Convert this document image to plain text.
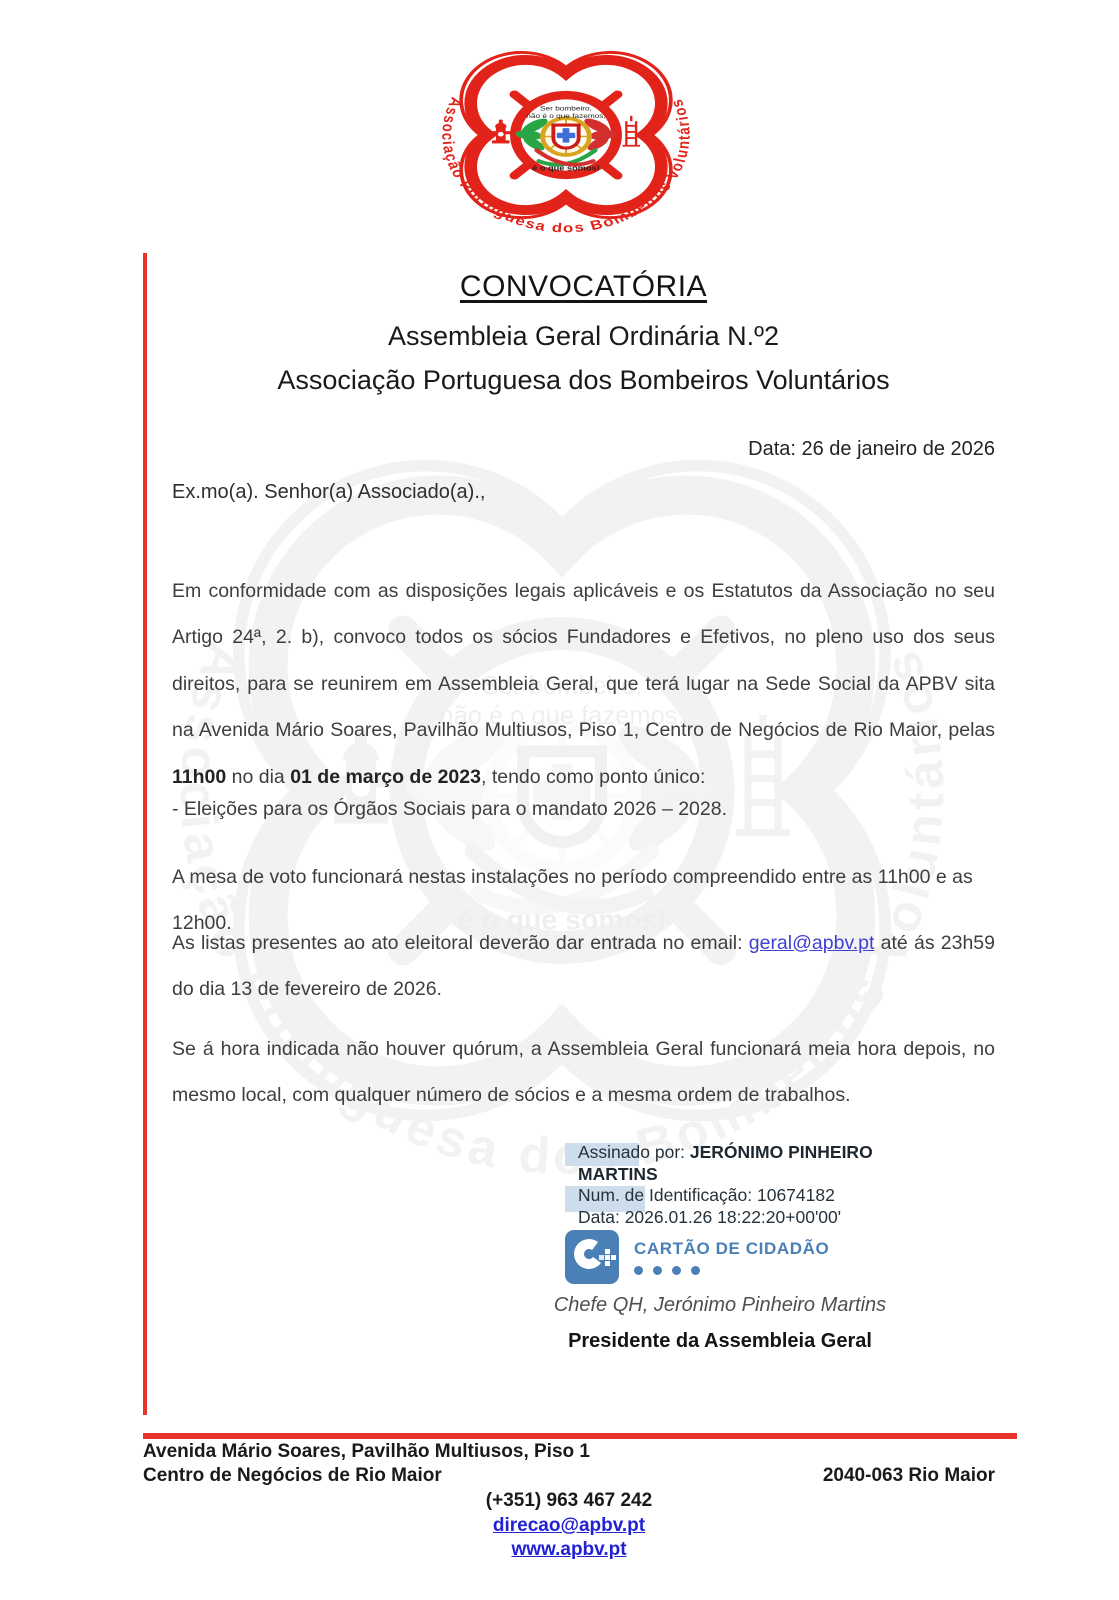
CONVOCATÓRIA
Assembleia Geral Ordinária N.º2
Associação Portuguesa dos Bombeiros Voluntários
Data: 26 de janeiro de 2026
Ex.mo(a). Senhor(a) Associado(a).,

Em conformidade com as disposições legais aplicáveis e os Estatutos da Associação no seu Artigo 24ª, 2. b), convoco todos os sócios Fundadores e Efetivos, no pleno uso dos seus direitos, para se reunirem em Assembleia Geral, que terá lugar na Sede Social da APBV sita na Avenida Mário Soares, Pavilhão Multiusos, Piso 1, Centro de Negócios de Rio Maior, pelas 11h00 no dia 01 de março de 2023, tendo como ponto único:

- Eleições para os Órgãos Sociais para o mandato 2026 – 2028.

A mesa de voto funcionará nestas instalações no período compreendido entre as 11h00 e as 12h00.

As listas presentes ao ato eleitoral deverão dar entrada no email: geral@apbv.pt até ás 23h59 do dia 13 de fevereiro de 2026.

Se á hora indicada não houver quórum, a Assembleia Geral funcionará meia hora depois, no mesmo local, com qualquer número de sócios e a mesma ordem de trabalhos.

Assinado por: JERÓNIMO PINHEIRO MARTINS
Num. de Identificação: 10674182
Data: 2026.01.26 18:22:20+00'00'
CARTÃO DE CIDADÃO
Chefe QH, Jerónimo Pinheiro Martins
Presidente da Assembleia Geral
Avenida Mário Soares, Pavilhão Multiusos, Piso 1
Centro de Negócios de Rio Maior	2040-063 Rio Maior
(+351) 963 467 242
direcao@apbv.pt
www.apbv.pt
